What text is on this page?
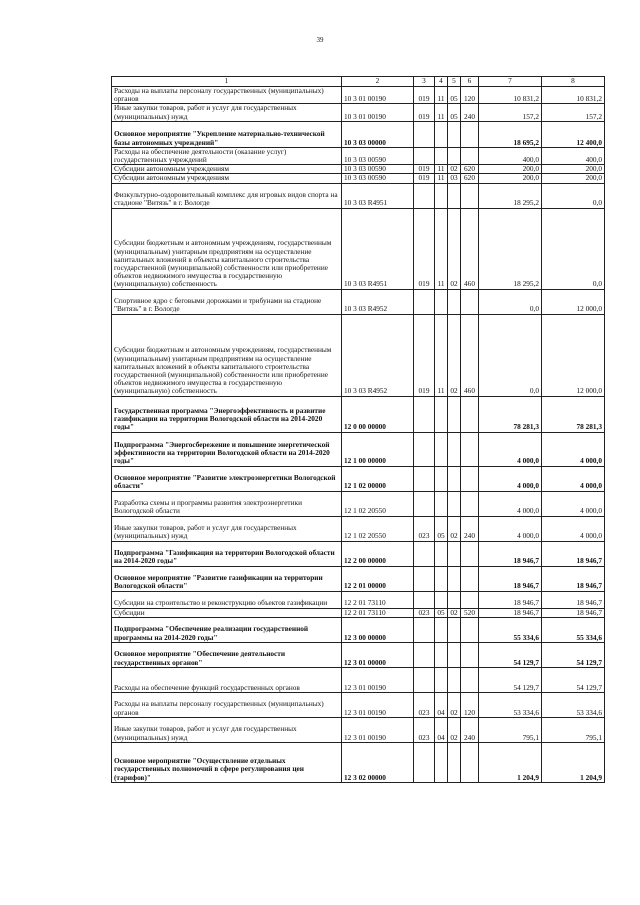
39
1	2	3	4	5	6	7	8
Расходы на выплаты персоналу государственных (муниципальных) органов	10 3 01 00190	019	11	05	120	10 831,2	10 831,2
Иные закупки товаров, работ и услуг для государственных (муниципальных) нужд	10 3 01 00190	019	11	05	240	157,2	157,2
Основное мероприятие "Укрепление материально-технической базы автономных учреждений"	10 3 03 00000					18 695,2	12 400,0
Расходы на обеспечение деятельности (оказание услуг) государственных учреждений	10 3 03 00590					400,0	400,0
Субсидии автономным учреждениям	10 3 03 00590	019	11	02	620	200,0	200,0
Субсидии автономным учреждениям	10 3 03 00590	019	11	03	620	200,0	200,0
Физкультурно-оздоровительный комплекс для игровых видов спорта на стадионе "Витязь" в г. Вологде	10 3 03 R4951					18 295,2	0,0
Субсидии бюджетным и автономным учреждениям, государственным (муниципальным) унитарным предприятиям на осуществление капитальных вложений в объекты капитального строительства государственной (муниципальной) собственности или приобретение объектов недвижимого имущества в государственную (муниципальную) собственность	10 3 03 R4951	019	11	02	460	18 295,2	0,0
Спортивное ядро с беговыми дорожками и трибунами на стадионе "Витязь" в г. Вологде	10 3 03 R4952					0,0	12 000,0
Субсидии бюджетным и автономным учреждениям, государственным (муниципальным) унитарным предприятиям на осуществление капитальных вложений в объекты капитального строительства государственной (муниципальной) собственности или приобретение объектов недвижимого имущества в государственную (муниципальную) собственность	10 3 03 R4952	019	11	02	460	0,0	12 000,0
Государственная программа "Энергоэффективность и развитие газификации на территории Вологодской области на 2014-2020 годы"	12 0 00 00000					78 281,3	78 281,3
Подпрограмма "Энергосбережение и повышение энергетической эффективности на территории Вологодской области на 2014-2020 годы"	12 1 00 00000					4 000,0	4 000,0
Основное мероприятие "Развитие электроэнергетики Вологодской области"	12 1 02 00000					4 000,0	4 000,0
Разработка схемы и программы развития электроэнергетики Вологодской области	12 1 02 20550					4 000,0	4 000,0
Иные закупки товаров, работ и услуг для государственных (муниципальных) нужд	12 1 02 20550	023	05	02	240	4 000,0	4 000,0
Подпрограмма "Газификация на территории Вологодской области на 2014-2020 годы"	12 2 00 00000					18 946,7	18 946,7
Основное мероприятие "Развитие газификации на территории Вологодской области"	12 2 01 00000					18 946,7	18 946,7
Субсидии на строительство и реконструкцию объектов газификации	12 2 01 73110					18 946,7	18 946,7
Субсидии	12 2 01 73110	023	05	02	520	18 946,7	18 946,7
Подпрограмма "Обеспечение реализации государственной программы на 2014-2020 годы"	12 3 00 00000					55 334,6	55 334,6
Основное мероприятие "Обеспечение деятельности государственных органов"	12 3 01 00000					54 129,7	54 129,7
Расходы на обеспечение функций государственных органов	12 3 01 00190					54 129,7	54 129,7
Расходы на выплаты персоналу государственных (муниципальных) органов	12 3 01 00190	023	04	02	120	53 334,6	53 334,6
Иные закупки товаров, работ и услуг для государственных (муниципальных) нужд	12 3 01 00190	023	04	02	240	795,1	795,1
Основное мероприятие "Осуществление отдельных государственных полномочий в сфере регулирования цен (тарифов)"	12 3 02 00000					1 204,9	1 204,9
